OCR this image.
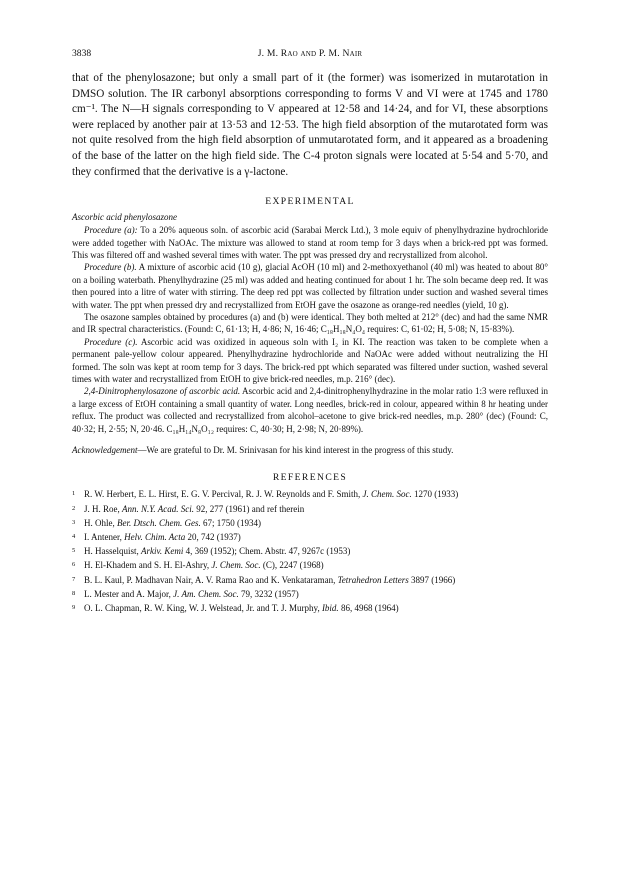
3838	J. M. Rao and P. M. Nair

that of the phenylosazone; but only a small part of it (the former) was isomerized in mutarotation in DMSO solution. The IR carbonyl absorptions corresponding to forms V and VI were at 1745 and 1780 cm⁻¹. The N—H signals corresponding to V appeared at 12·58 and 14·24, and for VI, these absorptions were replaced by another pair at 13·53 and 12·53. The high field absorption of the mutarotated form was not quite resolved from the high field absorption of unmutarotated form, and it appeared as a broadening of the base of the latter on the high field side. The C-4 proton signals were located at 5·54 and 5·70, and they confirmed that the derivative is a γ-lactone.

EXPERIMENTAL
Ascorbic acid phenylosazone

Procedure (a): To a 20% aqueous soln. of ascorbic acid (Sarabai Merck Ltd.), 3 mole equiv of phenylhydrazine hydrochloride were added together with NaOAc. The mixture was allowed to stand at room temp for 3 days when a brick-red ppt was formed. This was filtered off and washed several times with water. The ppt was pressed dry and recrystallized from alcohol.

Procedure (b). A mixture of ascorbic acid (10 g), glacial AcOH (10 ml) and 2-methoxyethanol (40 ml) was heated to about 80° on a boiling waterbath. Phenylhydrazine (25 ml) was added and heating continued for about 1 hr. The soln became deep red. It was then poured into a litre of water with stirring. The deep red ppt was collected by filtration under suction and washed several times with water. The ppt when pressed dry and recrystallized from EtOH gave the osazone as orange-red needles (yield, 10 g).

The osazone samples obtained by procedures (a) and (b) were identical. They both melted at 212° (dec) and had the same NMR and IR spectral characteristics. (Found: C, 61·13; H, 4·86; N, 16·46; C₁₈H₁₈N₄O₄ requires: C, 61·02; H, 5·08; N, 15·83%).

Procedure (c). Ascorbic acid was oxidized in aqueous soln with I₂ in KI. The reaction was taken to be complete when a permanent pale-yellow colour appeared. Phenylhydrazine hydrochloride and NaOAc were added without neutralizing the HI formed. The soln was kept at room temp for 3 days. The brick-red ppt which separated was filtered under suction, washed several times with water and recrystallized from EtOH to give brick-red needles, m.p. 216° (dec).

2,4-Dinitrophenylosazone of ascorbic acid. Ascorbic acid and 2,4-dinitrophenylhydrazine in the molar ratio 1:3 were refluxed in a large excess of EtOH containing a small quantity of water. Long needles, brick-red in colour, appeared within 8 hr heating under reflux. The product was collected and recrystallized from alcohol–acetone to give brick-red needles, m.p. 280° (dec) (Found: C, 40·32; H, 2·55; N, 20·46. C₁₈H₁₄N₈O₁₂ requires: C, 40·30; H, 2·98; N, 20·89%).

Acknowledgement—We are grateful to Dr. M. Srinivasan for his kind interest in the progress of this study.

REFERENCES
1 R. W. Herbert, E. L. Hirst, E. G. V. Percival, R. J. W. Reynolds and F. Smith, J. Chem. Soc. 1270 (1933)
2 J. H. Roe, Ann. N.Y. Acad. Sci. 92, 277 (1961) and ref therein
3 H. Ohle, Ber. Dtsch. Chem. Ges. 67; 1750 (1934)
4 I. Antener, Helv. Chim. Acta 20, 742 (1937)
5 H. Hasselquist, Arkiv. Kemi 4, 369 (1952); Chem. Abstr. 47, 9267c (1953)
6 H. El-Khadem and S. H. El-Ashry, J. Chem. Soc. (C), 2247 (1968)
7 B. L. Kaul, P. Madhavan Nair, A. V. Rama Rao and K. Venkataraman, Tetrahedron Letters 3897 (1966)
8 L. Mester and A. Major, J. Am. Chem. Soc. 79, 3232 (1957)
9 O. L. Chapman, R. W. King, W. J. Welstead, Jr. and T. J. Murphy, Ibid. 86, 4968 (1964)
